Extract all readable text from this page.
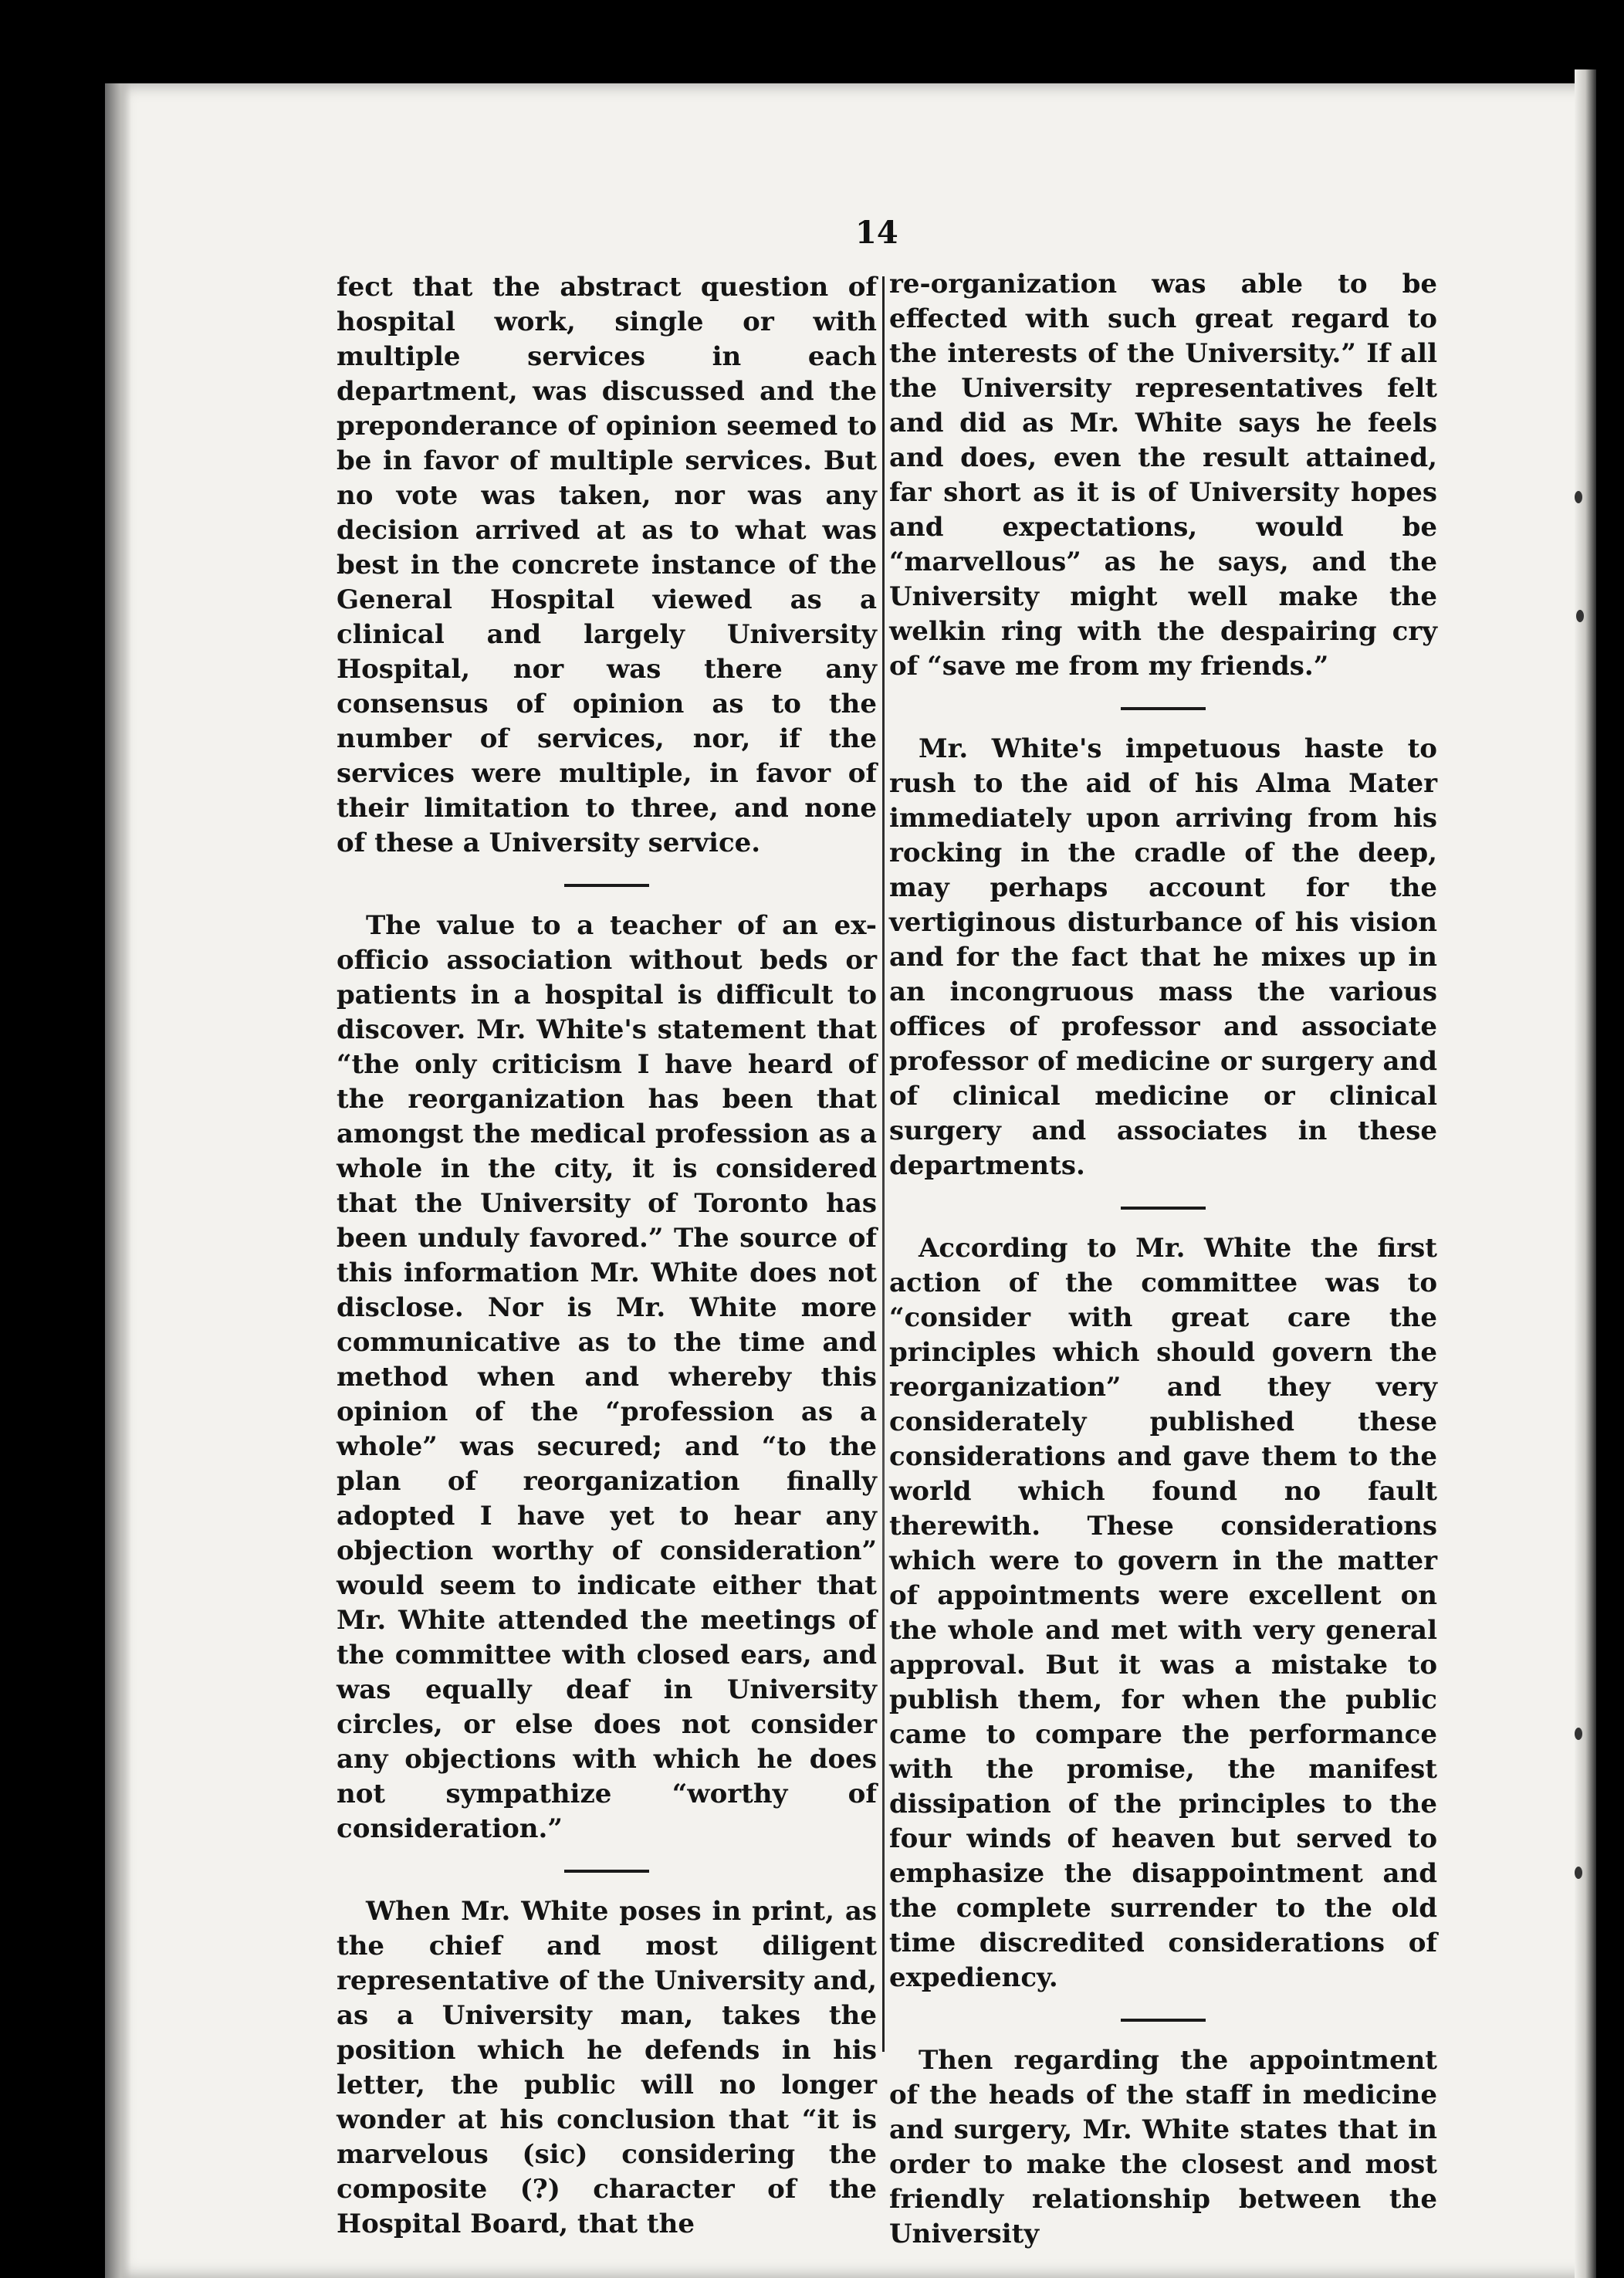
14

fect that the abstract question of hospital work, single or with multiple services in each department, was discussed and the preponderance of opinion seemed to be in favor of multiple services. But no vote was taken, nor was any decision arrived at as to what was best in the concrete instance of the General Hospital viewed as a clinical and largely University Hospital, nor was there any consensus of opinion as to the number of services, nor, if the services were multiple, in favor of their limitation to three, and none of these a University service.

The value to a teacher of an ex-officio association without beds or patients in a hospital is difficult to discover. Mr. White's statement that “the only criticism I have heard of the reorganization has been that amongst the medical profession as a whole in the city, it is considered that the University of Toronto has been unduly favored.” The source of this information Mr. White does not disclose. Nor is Mr. White more communicative as to the time and method when and whereby this opinion of the “profession as a whole” was secured; and “to the plan of reorganization finally adopted I have yet to hear any objection worthy of consideration” would seem to indicate either that Mr. White attended the meetings of the committee with closed ears, and was equally deaf in University circles, or else does not consider any objections with which he does not sympathize “worthy of consideration.”

When Mr. White poses in print, as the chief and most diligent representative of the University and, as a University man, takes the position which he defends in his letter, the public will no longer wonder at his conclusion that “it is marvelous (sic) considering the composite (?) character of the Hospital Board, that the

re-organization was able to be effected with such great regard to the interests of the University.” If all the University representatives felt and did as Mr. White says he feels and does, even the result attained, far short as it is of University hopes and expectations, would be “marvellous” as he says, and the University might well make the welkin ring with the despairing cry of “save me from my friends.”

Mr. White's impetuous haste to rush to the aid of his Alma Mater immediately upon arriving from his rocking in the cradle of the deep, may perhaps account for the vertiginous disturbance of his vision and for the fact that he mixes up in an incongruous mass the various offices of professor and associate professor of medicine or surgery and of clinical medicine or clinical surgery and associates in these departments.

According to Mr. White the first action of the committee was to “consider with great care the principles which should govern the reorganization” and they very considerately published these considerations and gave them to the world which found no fault therewith. These considerations which were to govern in the matter of appointments were excellent on the whole and met with very general approval. But it was a mistake to publish them, for when the public came to compare the performance with the promise, the manifest dissipation of the principles to the four winds of heaven but served to emphasize the disappointment and the complete surrender to the old time discredited considerations of expediency.

Then regarding the appointment of the heads of the staff in medicine and surgery, Mr. White states that in order to make the closest and most friendly relationship between the University
